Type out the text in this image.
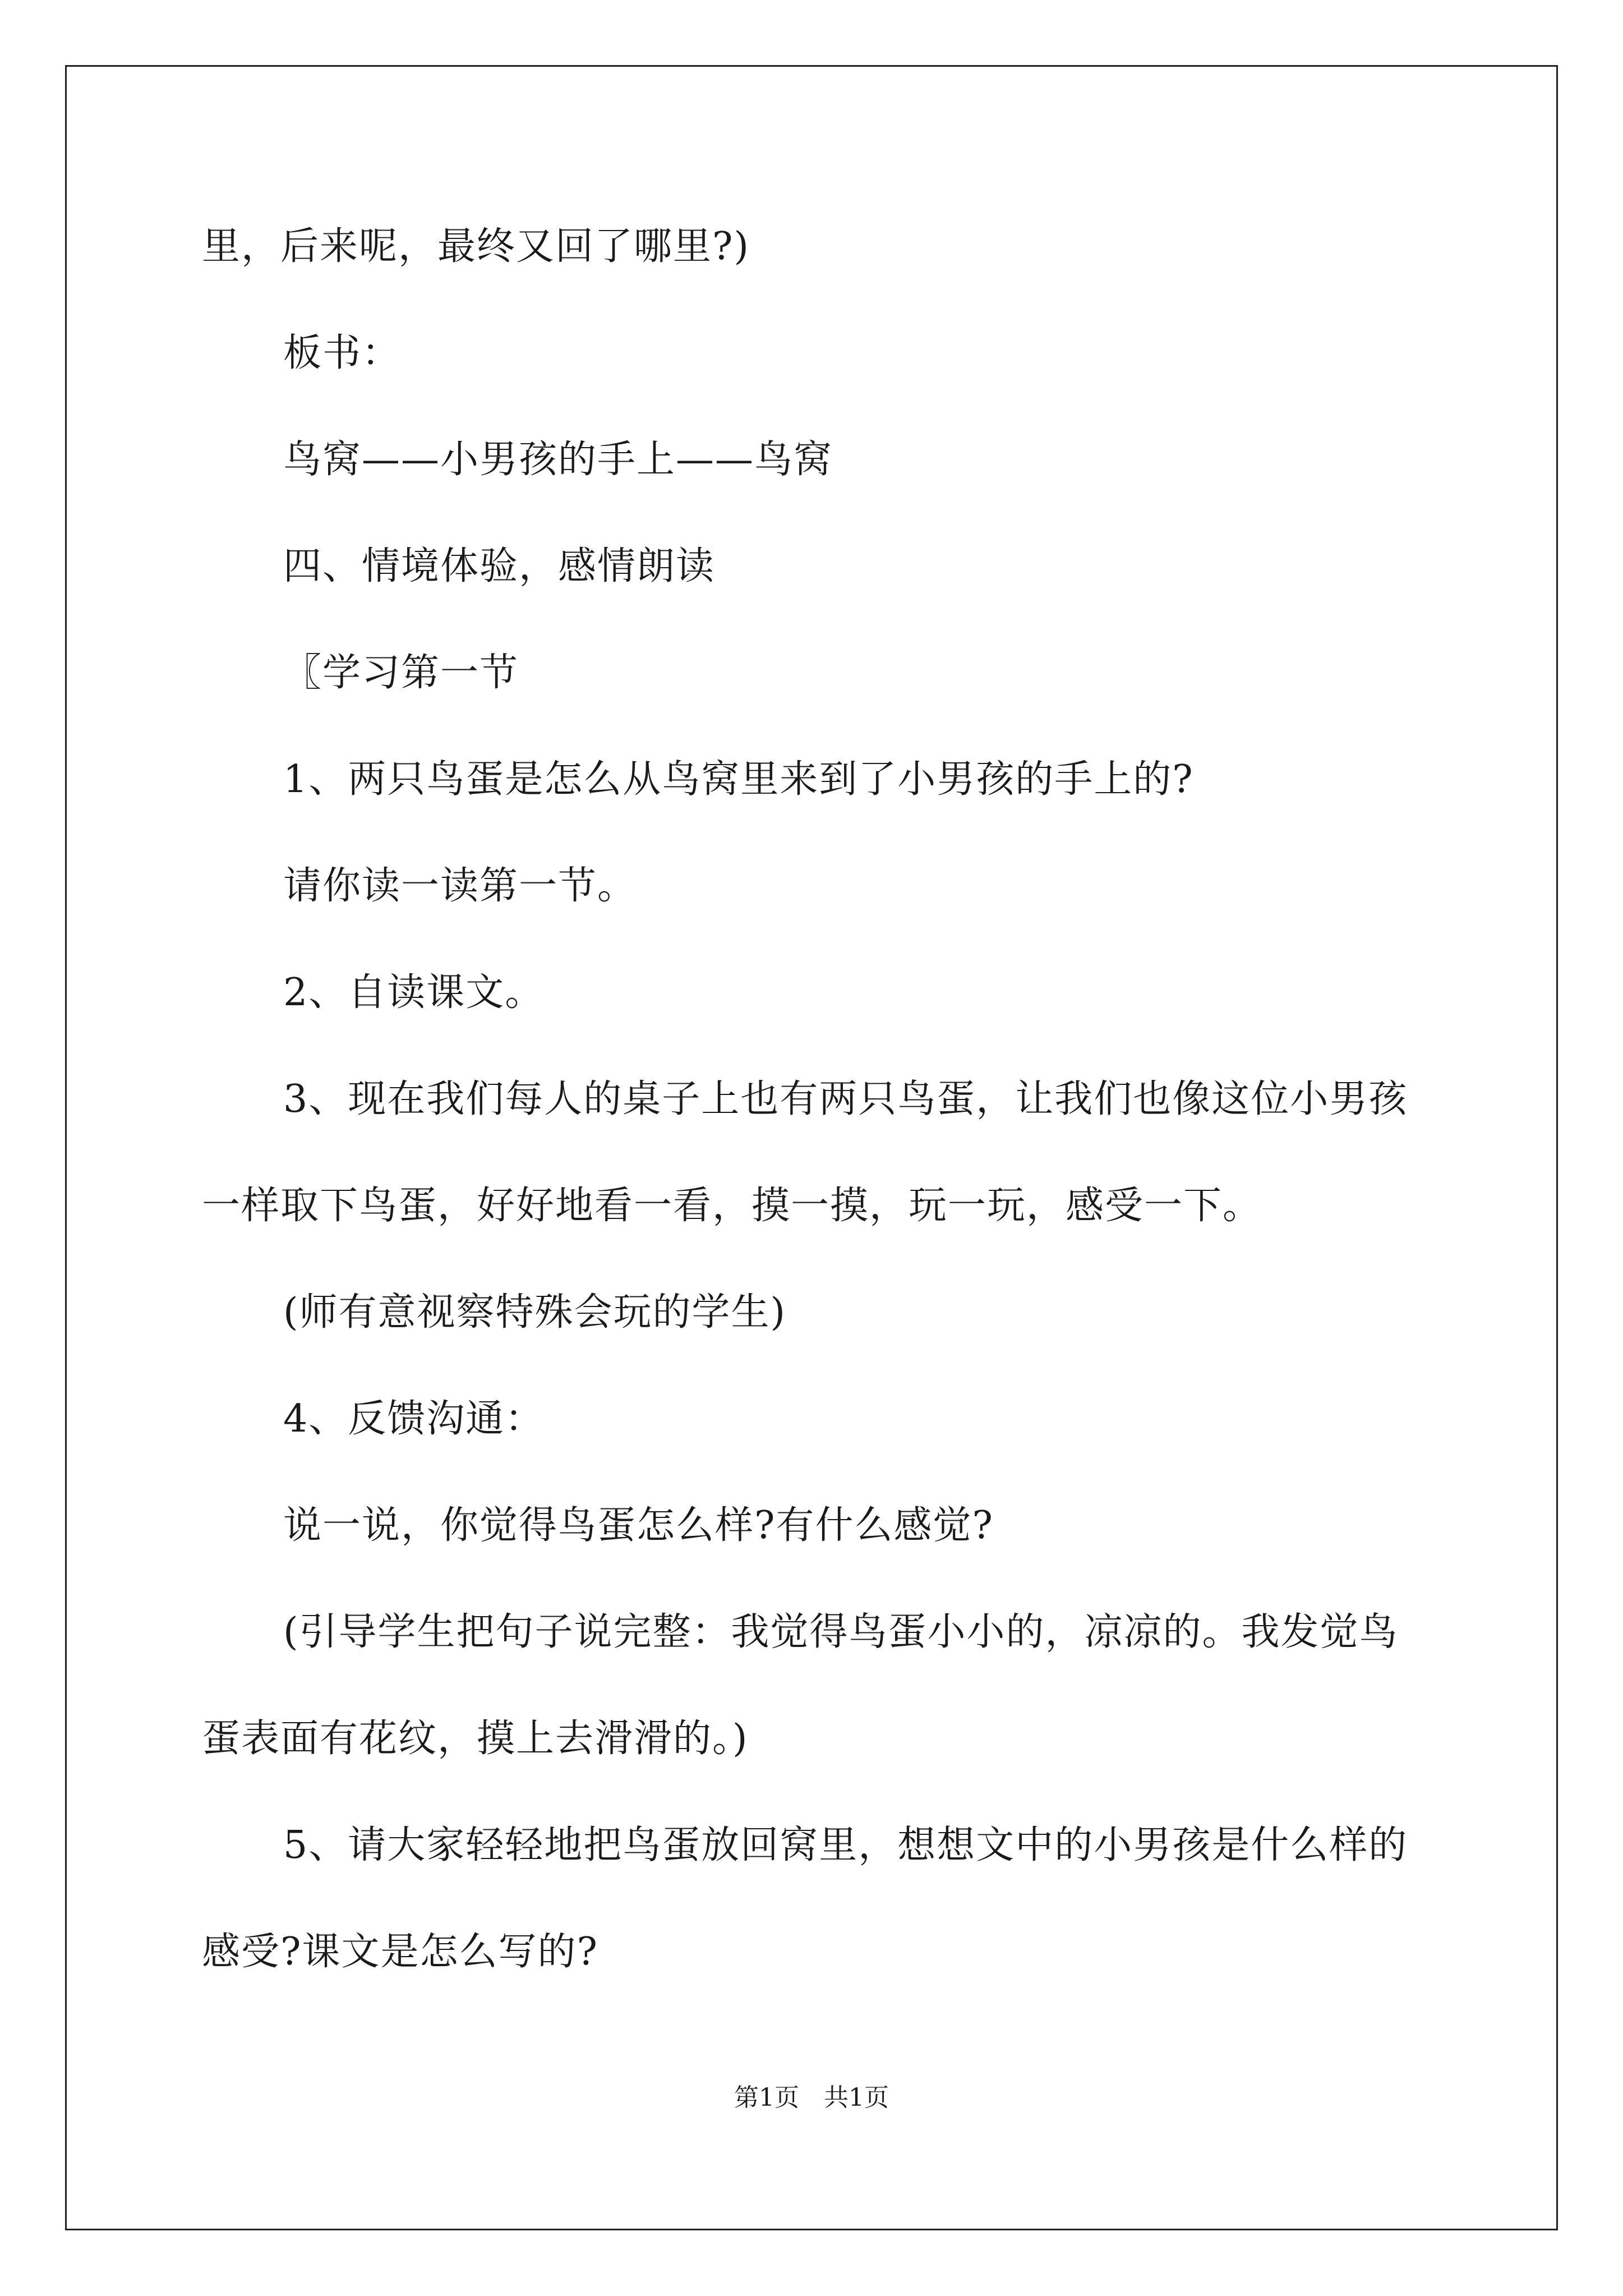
里，后来呢，最终又回了哪里?)
板书：
鸟窝——小男孩的手上——鸟窝
四、情境体验，感情朗读
〖学习第一节
1、两只鸟蛋是怎么从鸟窝里来到了小男孩的手上的?
请你读一读第一节。
2、自读课文。
3、现在我们每人的桌子上也有两只鸟蛋，让我们也像这位小男孩
一样取下鸟蛋，好好地看一看，摸一摸，玩一玩，感受一下。
(师有意视察特殊会玩的学生)
4、反馈沟通：
说一说，你觉得鸟蛋怎么样?有什么感觉?
(引导学生把句子说完整：我觉得鸟蛋小小的，凉凉的。我发觉鸟
蛋表面有花纹，摸上去滑滑的。)
5、请大家轻轻地把鸟蛋放回窝里，想想文中的小男孩是什么样的
感受?课文是怎么写的?
第1页　共1页
